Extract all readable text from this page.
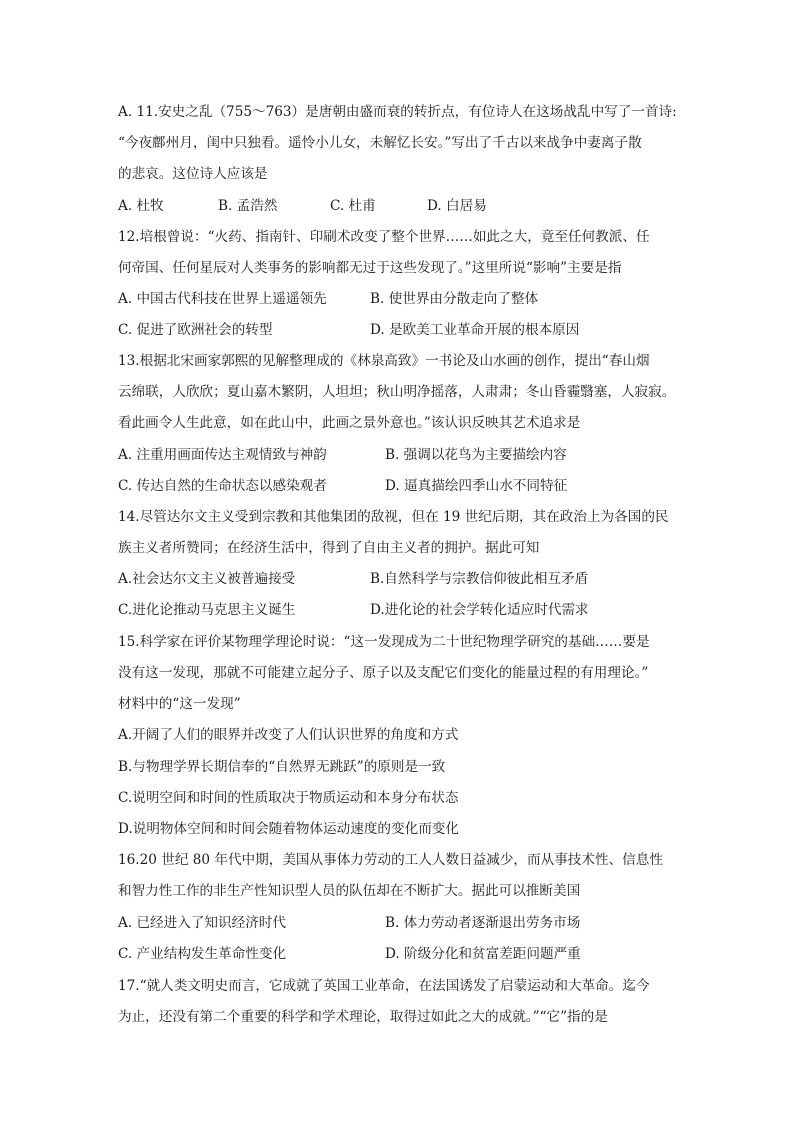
A. 11.安史之乱（755～763）是唐朝由盛而衰的转折点，有位诗人在这场战乱中写了一首诗:
“今夜鄜州月，闺中只独看。遥怜小儿女，未解忆长安。”写出了千古以来战争中妻离子散
的悲哀。这位诗人应该是
A. 杜牧	B. 孟浩然	C. 杜甫	D. 白居易
12.培根曾说：“火药、指南针、印刷术改变了整个世界……如此之大，竟至任何教派、任
何帝国、任何星辰对人类事务的影响都无过于这些发现了。”这里所说“影响”主要是指
A. 中国古代科技在世界上遥遥领先	B. 使世界由分散走向了整体
C. 促进了欧洲社会的转型	D. 是欧美工业革命开展的根本原因
13.根据北宋画家郭熙的见解整理成的《林泉高致》一书论及山水画的创作，提出“春山烟
云绵联，人欣欣；夏山嘉木繁阴，人坦坦；秋山明净摇落，人肃肃；冬山昏霾翳塞，人寂寂。
看此画令人生此意，如在此山中，此画之景外意也。”该认识反映其艺术追求是
A. 注重用画面传达主观情致与神韵	B. 强调以花鸟为主要描绘内容
C. 传达自然的生命状态以感染观者	D. 逼真描绘四季山水不同特征
14.尽管达尔文主义受到宗教和其他集团的敌视，但在 19 世纪后期，其在政治上为各国的民
族主义者所赞同；在经济生活中，得到了自由主义者的拥护。据此可知
A.社会达尔文主义被普遍接受	B.自然科学与宗教信仰彼此相互矛盾
C.进化论推动马克思主义诞生	D.进化论的社会学转化适应时代需求
15.科学家在评价某物理学理论时说：“这一发现成为二十世纪物理学研究的基础……要是
没有这一发现，那就不可能建立起分子、原子以及支配它们变化的能量过程的有用理论。”
材料中的“这一发现”
A.开阔了人们的眼界并改变了人们认识世界的角度和方式
B.与物理学界长期信奉的“自然界无跳跃”的原则是一致
C.说明空间和时间的性质取决于物质运动和本身分布状态
D.说明物体空间和时间会随着物体运动速度的变化而变化
16.20 世纪 80 年代中期，美国从事体力劳动的工人人数日益减少，而从事技术性、信息性
和智力性工作的非生产性知识型人员的队伍却在不断扩大。据此可以推断美国
A. 已经进入了知识经济时代	B. 体力劳动者逐渐退出劳务市场
C. 产业结构发生革命性变化	D. 阶级分化和贫富差距问题严重
17.“就人类文明史而言，它成就了英国工业革命，在法国诱发了启蒙运动和大革命。迄今
为止，还没有第二个重要的科学和学术理论，取得过如此之大的成就。”“它”指的是
